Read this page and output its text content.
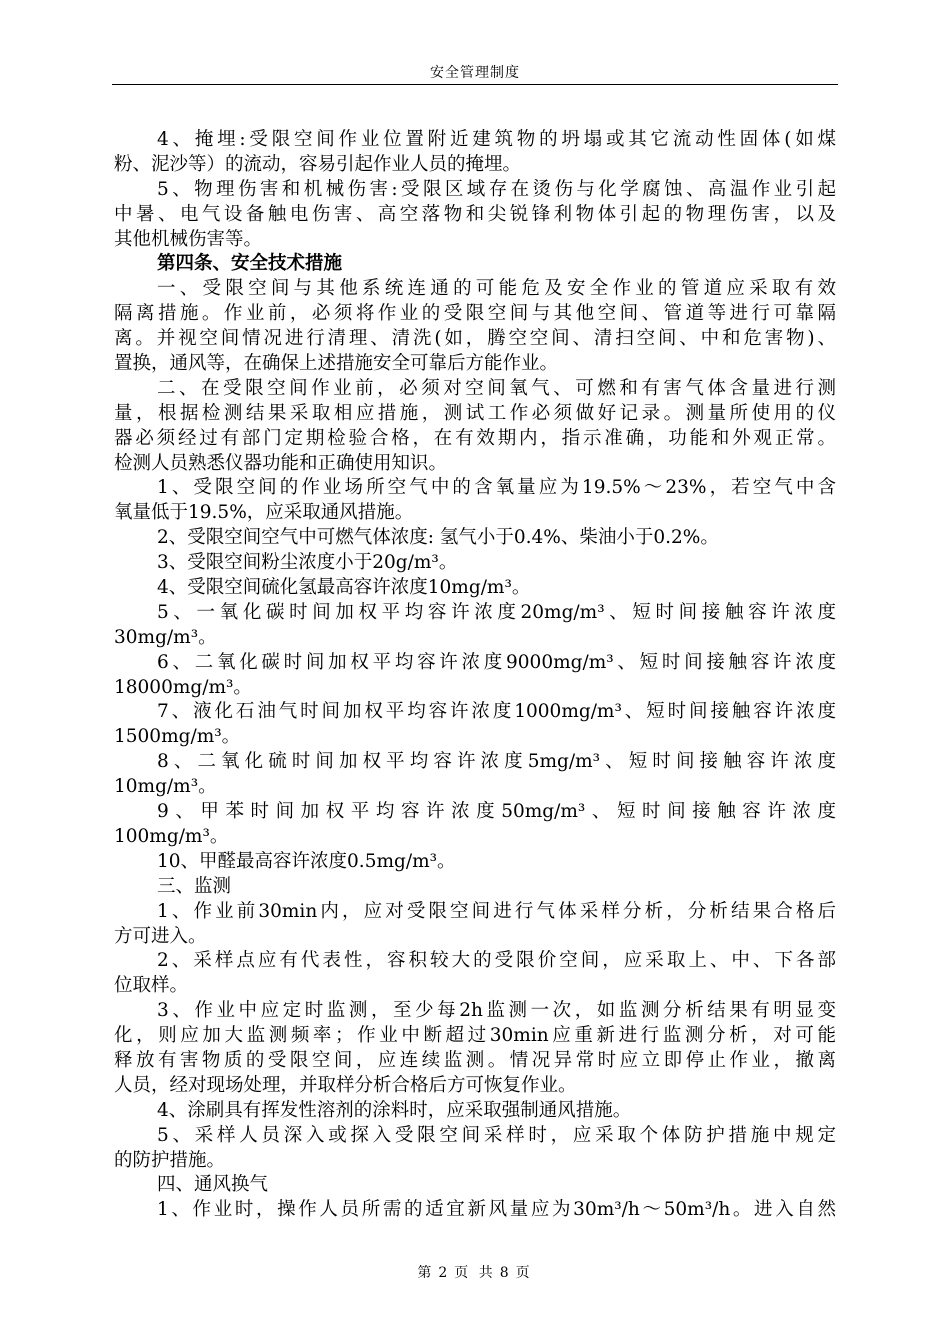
安全管理制度
4、掩埋:受限空间作业位置附近建筑物的坍塌或其它流动性固体(如煤
粉、泥沙等）的流动，容易引起作业人员的掩埋。
5、物理伤害和机械伤害:受限区域存在烫伤与化学腐蚀、高温作业引起
中暑、电气设备触电伤害、高空落物和尖锐锋利物体引起的物理伤害，以及
其他机械伤害等。
第四条、安全技术措施
一、受限空间与其他系统连通的可能危及安全作业的管道应采取有效
隔离措施。作业前，必须将作业的受限空间与其他空间、管道等进行可靠隔
离。并视空间情况进行清理、清洗(如，腾空空间、清扫空间、中和危害物)、
置换，通风等，在确保上述措施安全可靠后方能作业。
二、在受限空间作业前，必须对空间氧气、可燃和有害气体含量进行测
量，根据检测结果采取相应措施，测试工作必须做好记录。测量所使用的仪
器必须经过有部门定期检验合格，在有效期内，指示准确，功能和外观正常。
检测人员熟悉仪器功能和正确使用知识。
1、受限空间的作业场所空气中的含氧量应为19.5%～23%，若空气中含
氧量低于19.5%，应采取通风措施。
2、受限空间空气中可燃气体浓度: 氢气小于0.4%、柴油小于0.2%。
3、受限空间粉尘浓度小于20g/m³。
4、受限空间硫化氢最高容许浓度10mg/m³。
5、一氧化碳时间加权平均容许浓度20mg/m³、短时间接触容许浓度
30mg/m³。
6、二氧化碳时间加权平均容许浓度9000mg/m³、短时间接触容许浓度
18000mg/m³。
7、液化石油气时间加权平均容许浓度1000mg/m³、短时间接触容许浓度
1500mg/m³。
8、二氧化硫时间加权平均容许浓度5mg/m³、短时间接触容许浓度
10mg/m³。
9、甲苯时间加权平均容许浓度50mg/m³、短时间接触容许浓度
100mg/m³。
10、甲醛最高容许浓度0.5mg/m³。
三、监测
1、作业前30min内，应对受限空间进行气体采样分析，分析结果合格后
方可进入。
2、采样点应有代表性，容积较大的受限价空间，应采取上、中、下各部
位取样。
3、作业中应定时监测，至少每2h监测一次，如监测分析结果有明显变
化，则应加大监测频率；作业中断超过30min应重新进行监测分析，对可能
释放有害物质的受限空间，应连续监测。情况异常时应立即停止作业，撤离
人员，经对现场处理，并取样分析合格后方可恢复作业。
4、涂刷具有挥发性溶剂的涂料时，应采取强制通风措施。
5、采样人员深入或探入受限空间采样时，应采取个体防护措施中规定
的防护措施。
四、通风换气
1、作业时，操作人员所需的适宜新风量应为30m³/h～50m³/h。进入自然
第 2 页 共 8 页
